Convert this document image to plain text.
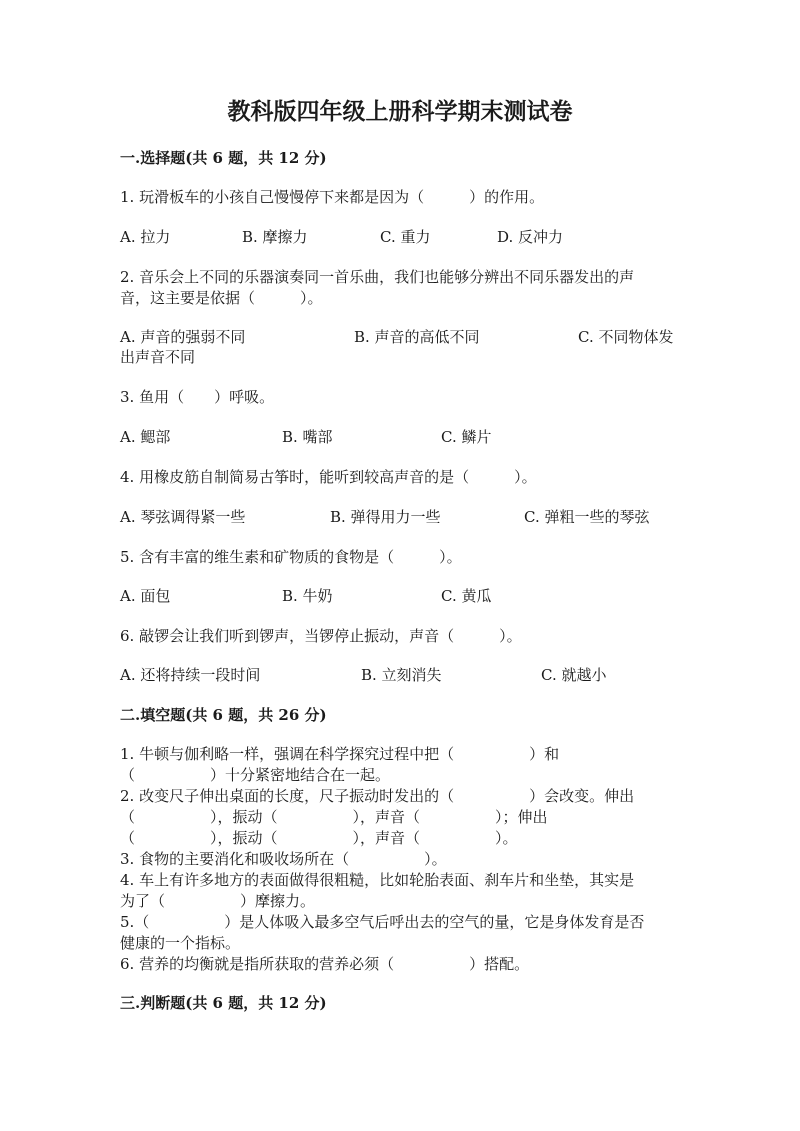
教科版四年级上册科学期末测试卷
一.选择题(共 6 题，共 12 分)
1. 玩滑板车的小孩自己慢慢停下来都是因为（　　　）的作用。
A. 拉力	B. 摩擦力	C. 重力	D. 反冲力
2. 音乐会上不同的乐器演奏同一首乐曲，我们也能够分辨出不同乐器发出的声
音，这主要是依据（　　　）。
A. 声音的强弱不同	B. 声音的高低不同	C. 不同物体发
出声音不同
3. 鱼用（　　）呼吸。
A. 鳃部	B. 嘴部	C. 鳞片
4. 用橡皮筋自制简易古筝时，能听到较高声音的是（　　　）。
A. 琴弦调得紧一些	B. 弹得用力一些	C. 弹粗一些的琴弦
5. 含有丰富的维生素和矿物质的食物是（　　　）。
A. 面包	B. 牛奶	C. 黄瓜
6. 敲锣会让我们听到锣声，当锣停止振动，声音（　　　）。
A. 还将持续一段时间	B. 立刻消失	C. 就越小
二.填空题(共 6 题，共 26 分)
1. 牛顿与伽利略一样，强调在科学探究过程中把（　　　　　）和
（　　　　　）十分紧密地结合在一起。
2. 改变尺子伸出桌面的长度，尺子振动时发出的（　　　　　）会改变。伸出
（　　　　　），振动（　　　　　），声音（　　　　　）；伸出
（　　　　　），振动（　　　　　），声音（　　　　　）。
3. 食物的主要消化和吸收场所在（　　　　　）。
4. 车上有许多地方的表面做得很粗糙，比如轮胎表面、刹车片和坐垫，其实是
为了（　　　　　）摩擦力。
5.（　　　　　）是人体吸入最多空气后呼出去的空气的量，它是身体发育是否
健康的一个指标。
6. 营养的均衡就是指所获取的营养必须（　　　　　）搭配。
三.判断题(共 6 题，共 12 分)
